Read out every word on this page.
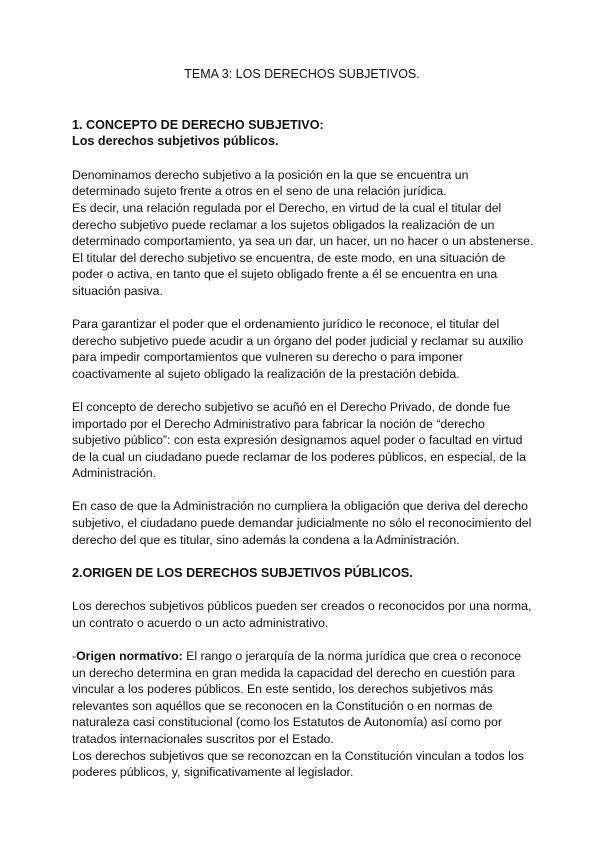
TEMA 3: LOS DERECHOS SUBJETIVOS.
1. CONCEPTO DE DERECHO SUBJETIVO:
Los derechos subjetivos públicos.

Denominamos derecho subjetivo a la posición en la que se encuentra un
determinado sujeto frente a otros en el seno de una relación jurídica.
Es decir, una relación regulada por el Derecho, en virtud de la cual el titular del
derecho subjetivo puede reclamar a los sujetos obligados la realización de un
determinado comportamiento, ya sea un dar, un hacer, un no hacer o un abstenerse.
El titular del derecho subjetivo se encuentra, de este modo, en una situación de
poder o activa, en tanto que el sujeto obligado frente a él se encuentra en una
situación pasiva.

Para garantizar el poder que el ordenamiento jurídico le reconoce, el titular del
derecho subjetivo puede acudir a un órgano del poder judicial y reclamar su auxilio
para impedir comportamientos que vulneren su derecho o para imponer
coactivamente al sujeto obligado la realización de la prestación debida.

El concepto de derecho subjetivo se acuñó en el Derecho Privado, de donde fue
importado por el Derecho Administrativo para fabricar la noción de “derecho
subjetivo público”: con esta expresión designamos aquel poder o facultad en virtud
de la cual un ciudadano puede reclamar de los poderes públicos, en especial, de la
Administración.

En caso de que la Administración no cumpliera la obligación que deriva del derecho
subjetivo, el ciudadano puede demandar judicialmente no sólo el reconocimiento del
derecho del que es titular, sino además la condena a la Administración.

2.ORIGEN DE LOS DERECHOS SUBJETIVOS PÚBLICOS.

Los derechos subjetivos públicos pueden ser creados o reconocidos por una norma,
un contrato o acuerdo o un acto administrativo.

-Origen normativo: El rango o jerarquía de la norma jurídica que crea o reconoce
un derecho determina en gran medida la capacidad del derecho en cuestión para
vincular a los poderes públicos. En este sentido, los derechos subjetivos más
relevantes son aquéllos que se reconocen en la Constitución o en normas de
naturaleza casi constitucional (como los Estatutos de Autonomía) así como por
tratados internacionales suscritos por el Estado.
Los derechos subjetivos que se reconozcan en la Constitución vinculan a todos los
poderes públicos, y, significativamente al legislador.
